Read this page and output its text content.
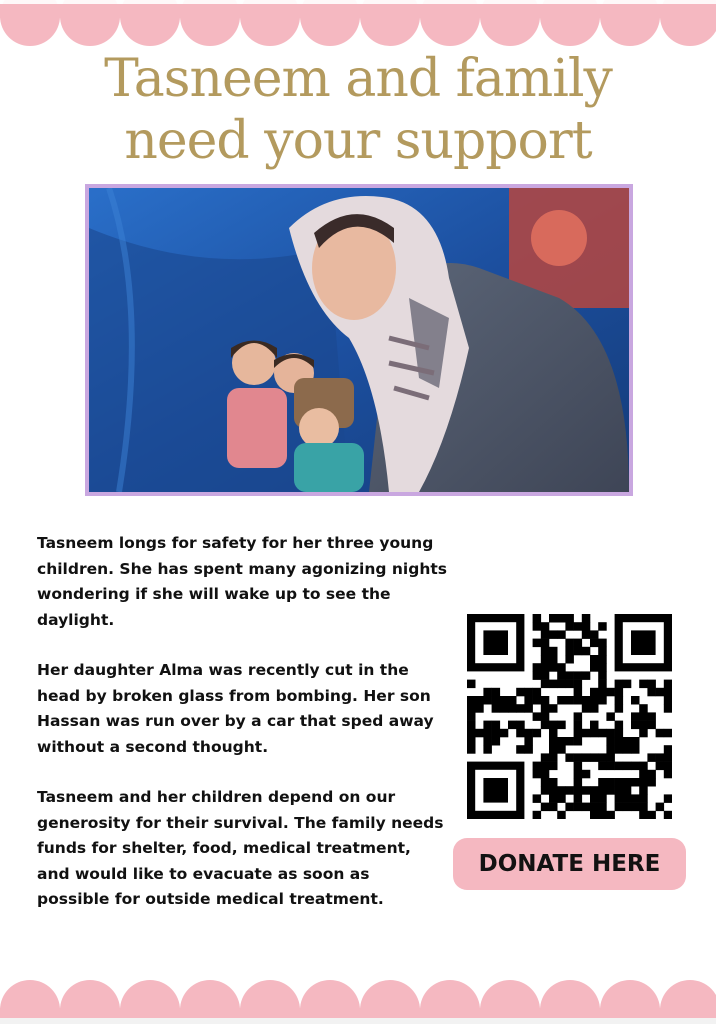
Tasneem and family
need your support

Tasneem longs for safety for her three young children. She has spent many agonizing nights wondering if she will wake up to see the daylight.

Her daughter Alma was recently cut in the head by broken glass from bombing. Her son Hassan was run over by a car that sped away without a second thought.

Tasneem and her children depend on our generosity for their survival. The family needs funds for shelter, food, medical treatment, and would like to evacuate as soon as possible for outside medical treatment.

DONATE HERE
